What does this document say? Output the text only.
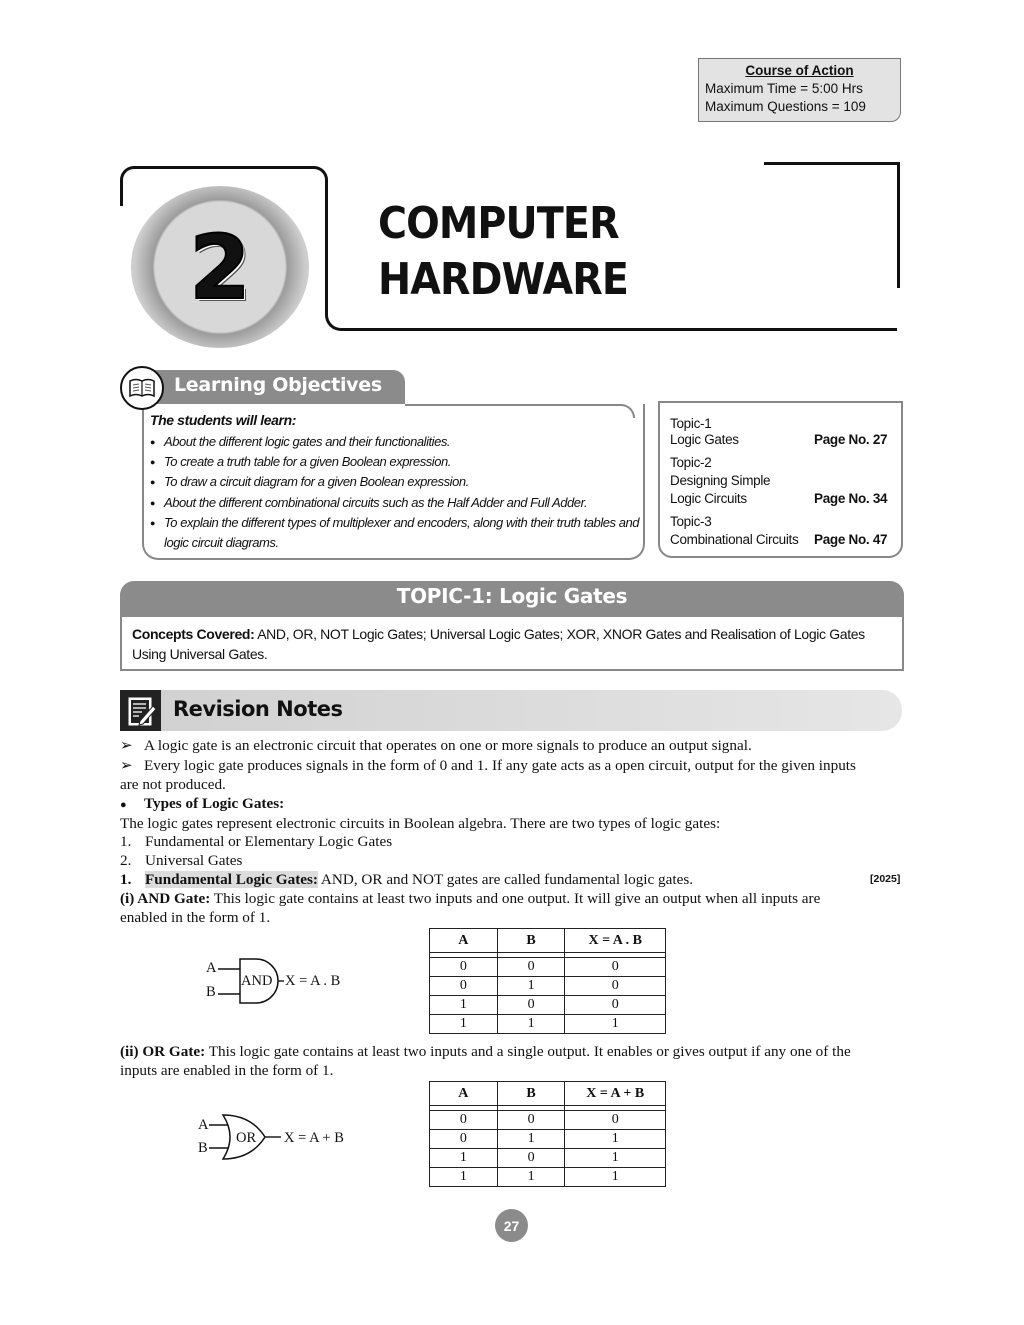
Course of Action
Maximum Time = 5:00 Hrs
Maximum Questions = 109
2	COMPUTER
HARDWARE
Learning Objectives
The students will learn:
● About the different logic gates and their functionalities.
● To create a truth table for a given Boolean expression.
● To draw a circuit diagram for a given Boolean expression.
● About the different combinational circuits such as the Half Adder and Full Adder.
● To explain the different types of multiplexer and encoders, along with their truth tables and logic circuit diagrams.
Topic-1
Logic Gates	Page No. 27
Topic-2
Designing Simple
Logic Circuits	Page No. 34
Topic-3
Combinational Circuits Page No. 47
TOPIC-1: Logic Gates
Concepts Covered: AND, OR, NOT Logic Gates; Universal Logic Gates; XOR, XNOR Gates and Realisation of Logic Gates Using Universal Gates.
Revision Notes
➢ A logic gate is an electronic circuit that operates on one or more signals to produce an output signal.
➢ Every logic gate produces signals in the form of 0 and 1. If any gate acts as a open circuit, output for the given inputs
are not produced.
● Types of Logic Gates:
The logic gates represent electronic circuits in Boolean algebra. There are two types of logic gates:
1. Fundamental or Elementary Logic Gates
2. Universal Gates
1. Fundamental Logic Gates: AND, OR and NOT gates are called fundamental logic gates.	[2025]
(i) AND Gate: This logic gate contains at least two inputs and one output. It will give an output when all inputs are
enabled in the form of 1.
A
B
AND X = A . B
A	B	X = A . B

0	0	0
0	1	0
1	0	0
1	1	1
(ii) OR Gate: This logic gate contains at least two inputs and a single output. It enables or gives output if any one of the
inputs are enabled in the form of 1.
A
B
OR X = A + B
A	B	X = A + B

0	0	0
0	1	1
1	0	1
1	1	1
27
